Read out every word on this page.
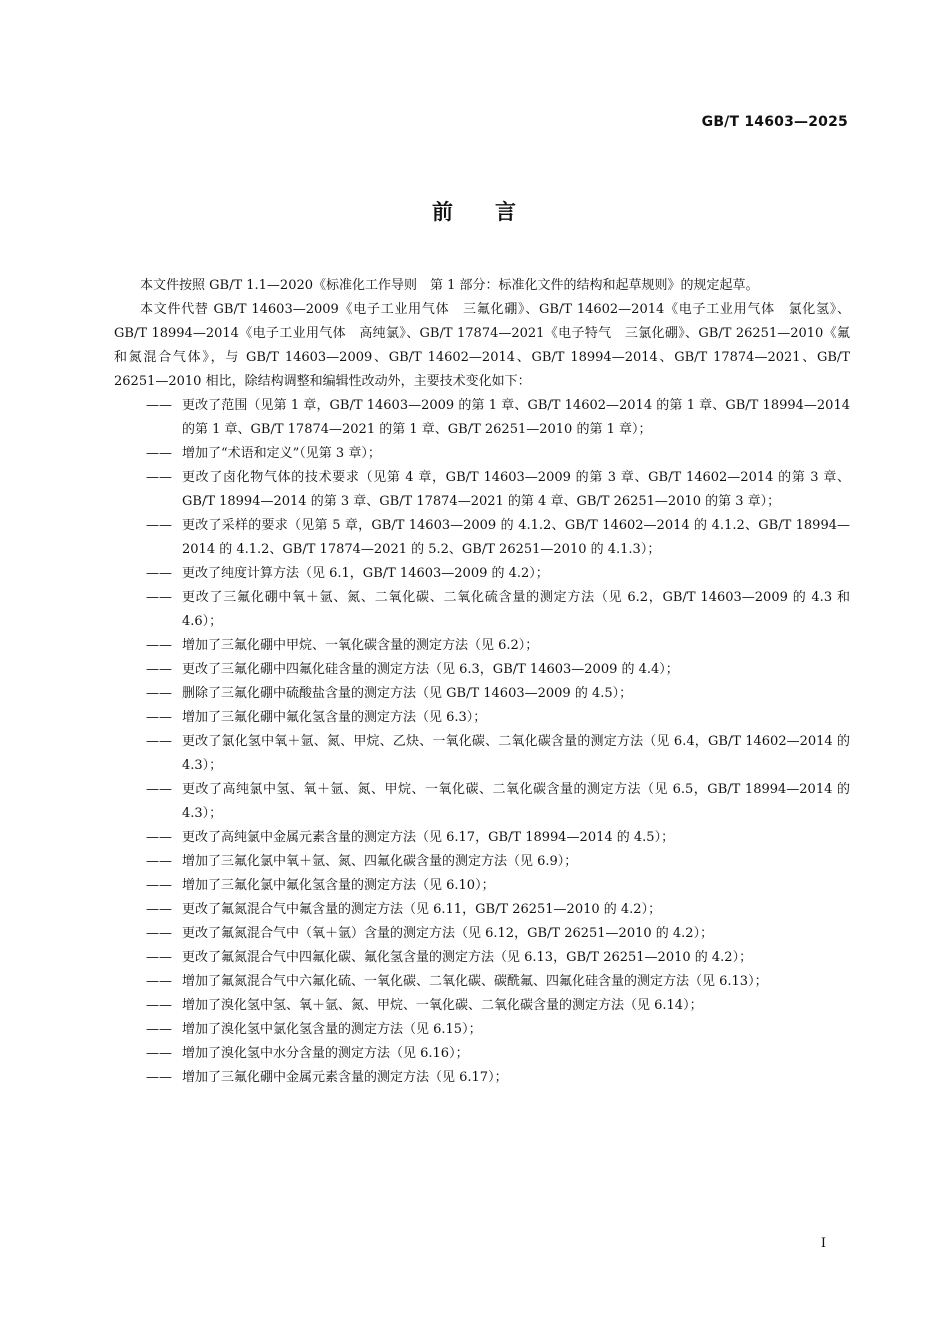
GB/T 14603—2025
前 言

本文件按照 GB/T 1.1—2020《标准化工作导则　第 1 部分：标准化文件的结构和起草规则》的规定起草。

本文件代替 GB/T 14603—2009《电子工业用气体　三氟化硼》、GB/T 14602—2014《电子工业用气体　氯化氢》、GB/T 18994—2014《电子工业用气体　高纯氯》、GB/T 17874—2021《电子特气　三氯化硼》、GB/T 26251—2010《氟和氮混合气体》，与 GB/T 14603—2009、GB/T 14602—2014、GB/T 18994—2014、GB/T 17874—2021、GB/T 26251—2010 相比，除结构调整和编辑性改动外，主要技术变化如下：

—— 更改了范围（见第 1 章，GB/T 14603—2009 的第 1 章、GB/T 14602—2014 的第 1 章、GB/T 18994—2014 的第 1 章、GB/T 17874—2021 的第 1 章、GB/T 26251—2010 的第 1 章）；
—— 增加了“术语和定义”（见第 3 章）；
—— 更改了卤化物气体的技术要求（见第 4 章，GB/T 14603—2009 的第 3 章、GB/T 14602—2014 的第 3 章、GB/T 18994—2014 的第 3 章、GB/T 17874—2021 的第 4 章、GB/T 26251—2010 的第 3 章）；
—— 更改了采样的要求（见第 5 章，GB/T 14603—2009 的 4.1.2、GB/T 14602—2014 的 4.1.2、GB/T 18994—2014 的 4.1.2、GB/T 17874—2021 的 5.2、GB/T 26251—2010 的 4.1.3）；
—— 更改了纯度计算方法（见 6.1，GB/T 14603—2009 的 4.2）；
—— 更改了三氟化硼中氧＋氩、氮、二氧化碳、二氧化硫含量的测定方法（见 6.2，GB/T 14603—2009 的 4.3 和 4.6）；
—— 增加了三氟化硼中甲烷、一氧化碳含量的测定方法（见 6.2）；
—— 更改了三氟化硼中四氟化硅含量的测定方法（见 6.3，GB/T 14603—2009 的 4.4）；
—— 删除了三氟化硼中硫酸盐含量的测定方法（见 GB/T 14603—2009 的 4.5）；
—— 增加了三氟化硼中氟化氢含量的测定方法（见 6.3）；
—— 更改了氯化氢中氧＋氩、氮、甲烷、乙炔、一氧化碳、二氧化碳含量的测定方法（见 6.4，GB/T 14602—2014 的 4.3）；
—— 更改了高纯氯中氢、氧＋氩、氮、甲烷、一氧化碳、二氧化碳含量的测定方法（见 6.5，GB/T 18994—2014 的 4.3）；
—— 更改了高纯氯中金属元素含量的测定方法（见 6.17，GB/T 18994—2014 的 4.5）；
—— 增加了三氟化氯中氧＋氩、氮、四氟化碳含量的测定方法（见 6.9）；
—— 增加了三氟化氯中氟化氢含量的测定方法（见 6.10）；
—— 更改了氟氮混合气中氟含量的测定方法（见 6.11，GB/T 26251—2010 的 4.2）；
—— 更改了氟氮混合气中（氧＋氩）含量的测定方法（见 6.12，GB/T 26251—2010 的 4.2）；
—— 更改了氟氮混合气中四氟化碳、氟化氢含量的测定方法（见 6.13，GB/T 26251—2010 的 4.2）；
—— 增加了氟氮混合气中六氟化硫、一氧化碳、二氧化碳、碳酰氟、四氟化硅含量的测定方法（见 6.13）；
—— 增加了溴化氢中氢、氧＋氩、氮、甲烷、一氧化碳、二氧化碳含量的测定方法（见 6.14）；
—— 增加了溴化氢中氯化氢含量的测定方法（见 6.15）；
—— 增加了溴化氢中水分含量的测定方法（见 6.16）；
—— 增加了三氟化硼中金属元素含量的测定方法（见 6.17）；
I
